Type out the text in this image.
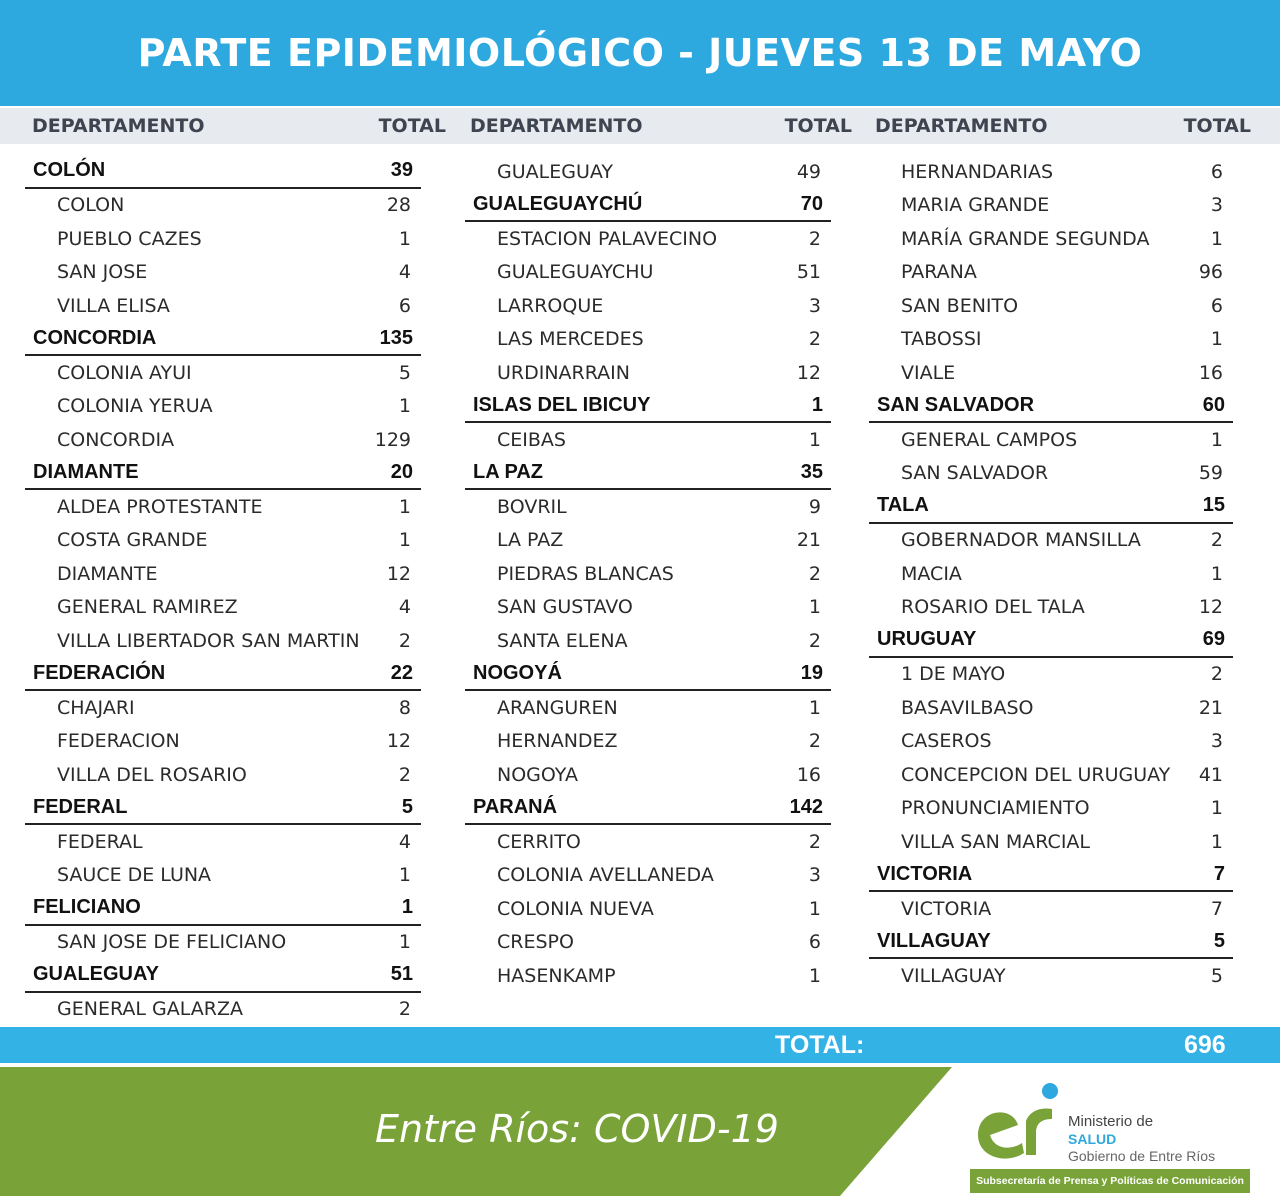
PARTE EPIDEMIOLÓGICO - JUEVES 13 DE MAYO
DEPARTAMENTO	TOTAL DEPARTAMENTO	TOTAL DEPARTAMENTO	TOTAL
COLÓN	39
COLON	28
PUEBLO CAZES	1
SAN JOSE	4
VILLA ELISA	6
CONCORDIA	135
COLONIA AYUI	5
COLONIA YERUA	1
CONCORDIA	129
DIAMANTE	20
ALDEA PROTESTANTE	1
COSTA GRANDE	1
DIAMANTE	12
GENERAL RAMIREZ	4
VILLA LIBERTADOR SAN MARTIN 2
FEDERACIÓN	22
CHAJARI	8
FEDERACION	12
VILLA DEL ROSARIO	2
FEDERAL	5
FEDERAL	4
SAUCE DE LUNA	1
FELICIANO	1
SAN JOSE DE FELICIANO	1
GUALEGUAY	51
GENERAL GALARZA	2
GUALEGUAY	49
GUALEGUAYCHÚ	70
ESTACION PALAVECINO	2
GUALEGUAYCHU	51
LARROQUE	3
LAS MERCEDES	2
URDINARRAIN	12
ISLAS DEL IBICUY	1
CEIBAS	1
LA PAZ	35
BOVRIL	9
LA PAZ	21
PIEDRAS BLANCAS	2
SAN GUSTAVO	1
SANTA ELENA	2
NOGOYÁ	19
ARANGUREN	1
HERNANDEZ	2
NOGOYA	16
PARANÁ	142
CERRITO	2
COLONIA AVELLANEDA	3
COLONIA NUEVA	1
CRESPO	6
HASENKAMP	1
HERNANDARIAS	6
MARIA GRANDE	3
MARÍA GRANDE SEGUNDA	1
PARANA	96
SAN BENITO	6
TABOSSI	1
VIALE	16
SAN SALVADOR	60
GENERAL CAMPOS	1
SAN SALVADOR	59
TALA	15
GOBERNADOR MANSILLA	2
MACIA	1
ROSARIO DEL TALA	12
URUGUAY	69
1 DE MAYO	2
BASAVILBASO	21
CASEROS	3
CONCEPCION DEL URUGUAY 41
PRONUNCIAMIENTO	1
VILLA SAN MARCIAL	1
VICTORIA	7
VICTORIA	7
VILLAGUAY	5
VILLAGUAY	5
TOTAL:	696
Entre Ríos: COVID-19	Ministerio de
SALUD
Gobierno de Entre Ríos
Subsecretaría de Prensa y Políticas de Comunicación
